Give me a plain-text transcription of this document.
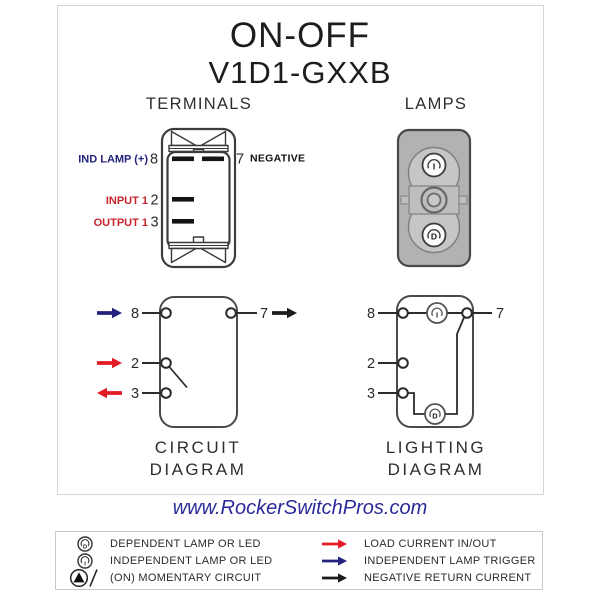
ON-OFF
V1D1-GXXB
TERMINALS	LAMPS
IND LAMP (+) 8	7 NEGATIVE
INPUT 1 2
OUTPUT 1 3
I
D
8	7
2
3
I
D
8	7
2
3
CIRCUIT
DIAGRAM
LIGHTING
DIAGRAM
www.RockerSwitchPros.com
D DEPENDENT LAMP OR LED
I INDEPENDENT LAMP OR LED
(ON) MOMENTARY CIRCUIT
LOAD CURRENT IN/OUT
INDEPENDENT LAMP TRIGGER
NEGATIVE RETURN CURRENT
